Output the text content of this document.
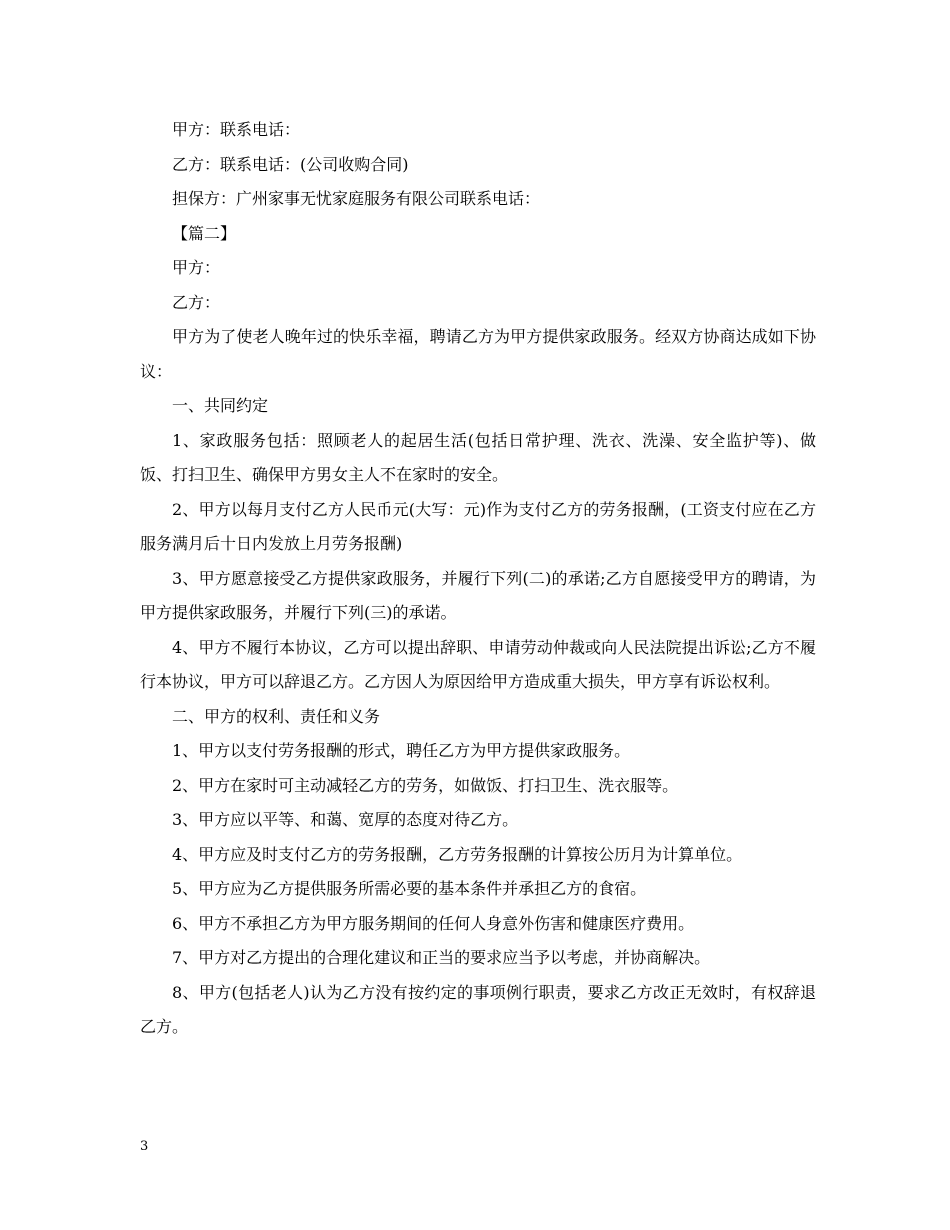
甲方：联系电话：

乙方：联系电话：(公司收购合同)

担保方：广州家事无忧家庭服务有限公司联系电话：

【篇二】

甲方：

乙方：

甲方为了使老人晚年过的快乐幸福，聘请乙方为甲方提供家政服务。经双方协商达成如下协议：

一、共同约定

1、家政服务包括：照顾老人的起居生活(包括日常护理、洗衣、洗澡、安全监护等)、做饭、打扫卫生、确保甲方男女主人不在家时的安全。

2、甲方以每月支付乙方人民币元(大写：元)作为支付乙方的劳务报酬，(工资支付应在乙方服务满月后十日内发放上月劳务报酬)

3、甲方愿意接受乙方提供家政服务，并履行下列(二)的承诺;乙方自愿接受甲方的聘请，为甲方提供家政服务，并履行下列(三)的承诺。

4、甲方不履行本协议，乙方可以提出辞职、申请劳动仲裁或向人民法院提出诉讼;乙方不履行本协议，甲方可以辞退乙方。乙方因人为原因给甲方造成重大损失，甲方享有诉讼权利。

二、甲方的权利、责任和义务

1、甲方以支付劳务报酬的形式，聘任乙方为甲方提供家政服务。

2、甲方在家时可主动减轻乙方的劳务，如做饭、打扫卫生、洗衣服等。

3、甲方应以平等、和蔼、宽厚的态度对待乙方。

4、甲方应及时支付乙方的劳务报酬，乙方劳务报酬的计算按公历月为计算单位。

5、甲方应为乙方提供服务所需必要的基本条件并承担乙方的食宿。

6、甲方不承担乙方为甲方服务期间的任何人身意外伤害和健康医疗费用。

7、甲方对乙方提出的合理化建议和正当的要求应当予以考虑，并协商解决。

8、甲方(包括老人)认为乙方没有按约定的事项例行职责，要求乙方改正无效时，有权辞退乙方。

3
